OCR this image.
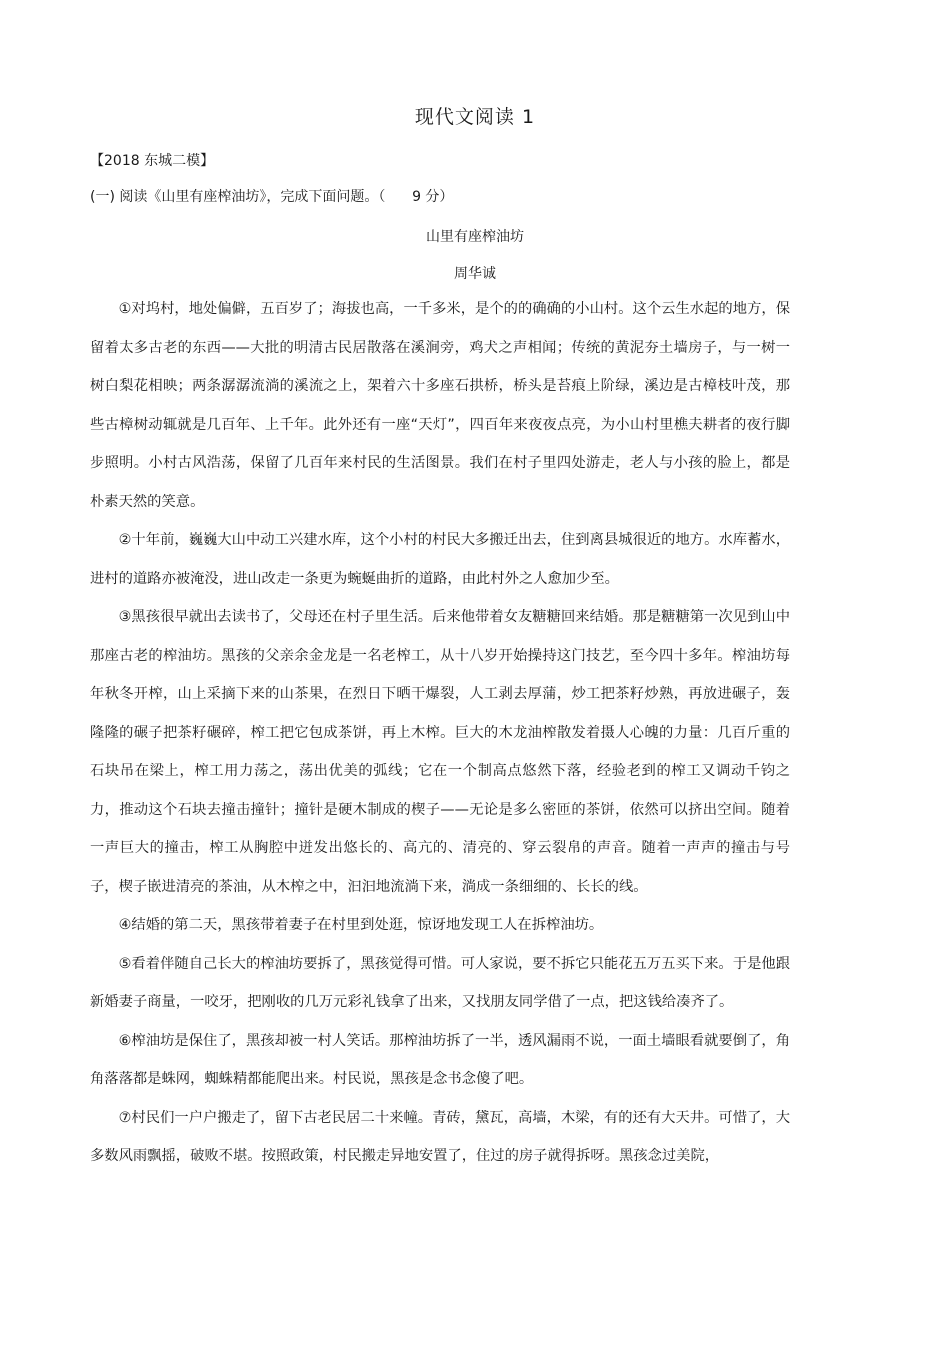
现代文阅读 1
【2018 东城二模】
(一) 阅读《山里有座榨油坊》，完成下面问题。（      9 分）
山里有座榨油坊
周华诚

①对坞村，地处偏僻，五百岁了；海拔也高，一千多米，是个的的确确的小山村。这个云生水起的地方，保留着太多古老的东西——大批的明清古民居散落在溪涧旁，鸡犬之声相闻；传统的黄泥夯土墙房子，与一树一树白梨花相映；两条潺潺流淌的溪流之上，架着六十多座石拱桥，桥头是苔痕上阶绿，溪边是古樟枝叶茂，那些古樟树动辄就是几百年、上千年。此外还有一座“天灯”，四百年来夜夜点亮，为小山村里樵夫耕者的夜行脚步照明。小村古风浩荡，保留了几百年来村民的生活图景。我们在村子里四处游走，老人与小孩的脸上，都是朴素天然的笑意。

②十年前，巍巍大山中动工兴建水库，这个小村的村民大多搬迁出去，住到离县城很近的地方。水库蓄水，进村的道路亦被淹没，进山改走一条更为蜿蜒曲折的道路，由此村外之人愈加少至。

③黑孩很早就出去读书了，父母还在村子里生活。后来他带着女友糖糖回来结婚。那是糖糖第一次见到山中那座古老的榨油坊。黑孩的父亲余金龙是一名老榨工，从十八岁开始操持这门技艺，至今四十多年。榨油坊每年秋冬开榨，山上采摘下来的山茶果，在烈日下晒干爆裂，人工剥去厚蒲，炒工把茶籽炒熟，再放进碾子，轰隆隆的碾子把茶籽碾碎，榨工把它包成茶饼，再上木榨。巨大的木龙油榨散发着摄人心魄的力量：几百斤重的石块吊在梁上，榨工用力荡之，荡出优美的弧线；它在一个制高点悠然下落，经验老到的榨工又调动千钧之力，推动这个石块去撞击撞针；撞针是硬木制成的楔子——无论是多么密匝的茶饼，依然可以挤出空间。随着一声巨大的撞击，榨工从胸腔中迸发出悠长的、高亢的、清亮的、穿云裂帛的声音。随着一声声的撞击与号子，楔子嵌进清亮的茶油，从木榨之中，汩汩地流淌下来，淌成一条细细的、长长的线。

④结婚的第二天，黑孩带着妻子在村里到处逛，惊讶地发现工人在拆榨油坊。

⑤看着伴随自己长大的榨油坊要拆了，黑孩觉得可惜。可人家说，要不拆它只能花五万五买下来。于是他跟新婚妻子商量，一咬牙，把刚收的几万元彩礼钱拿了出来，又找朋友同学借了一点，把这钱给凑齐了。

⑥榨油坊是保住了，黑孩却被一村人笑话。那榨油坊拆了一半，透风漏雨不说，一面土墙眼看就要倒了，角角落落都是蛛网，蜘蛛精都能爬出来。村民说，黑孩是念书念傻了吧。

⑦村民们一户户搬走了，留下古老民居二十来幢。青砖，黛瓦，高墙，木梁，有的还有大天井。可惜了，大多数风雨飘摇，破败不堪。按照政策，村民搬走异地安置了，住过的房子就得拆呀。黑孩念过美院，
